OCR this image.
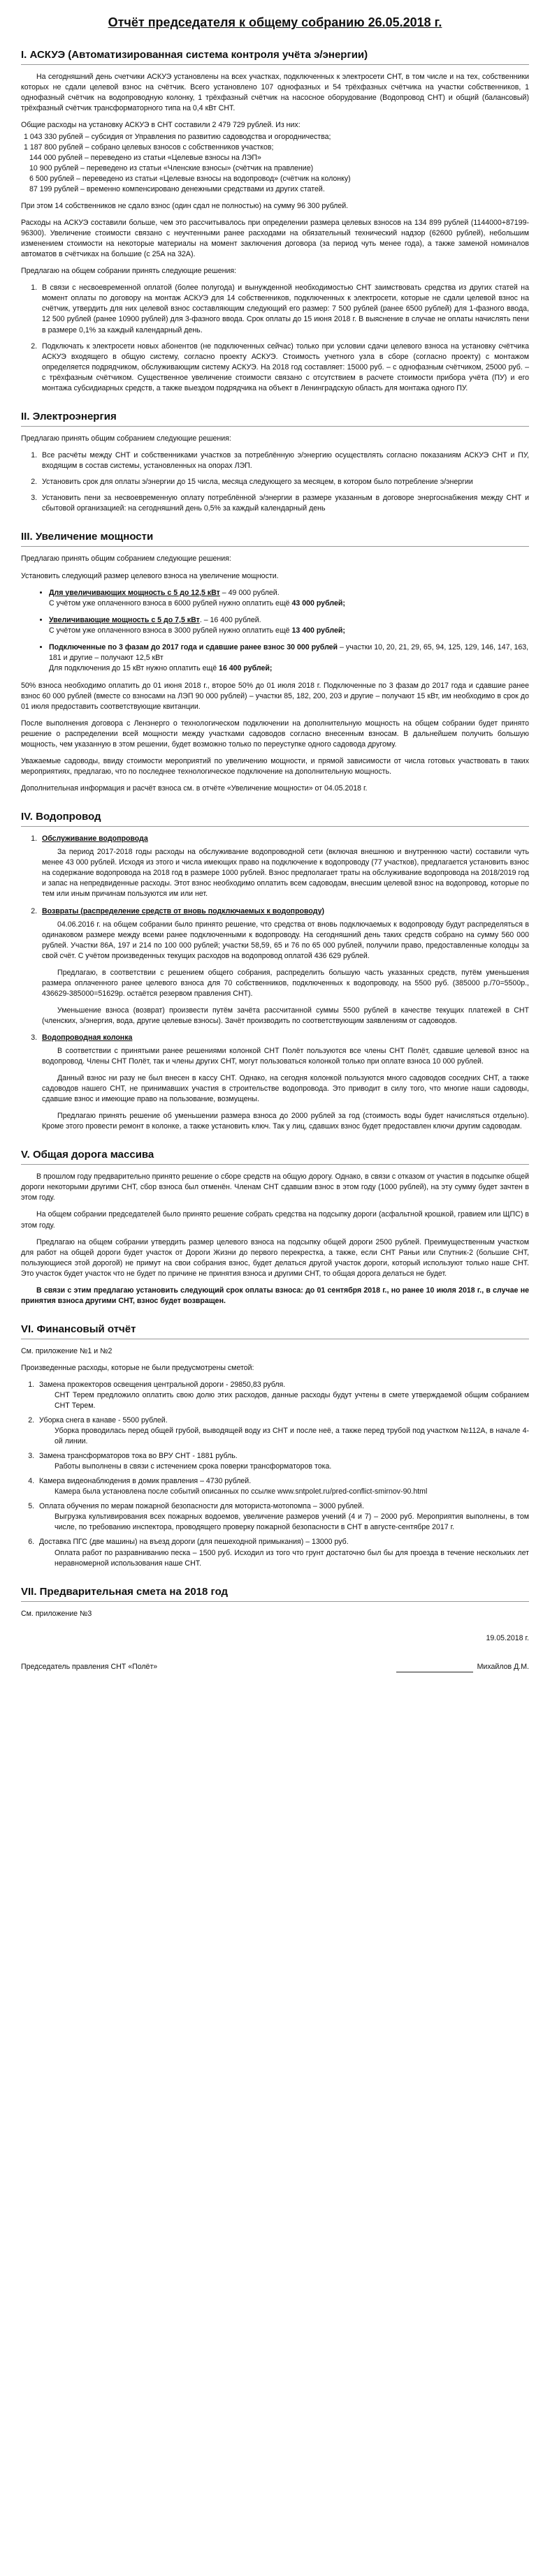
Отчёт председателя к общему собранию 26.05.2018 г.
I. АСКУЭ (Автоматизированная система контроля учёта э/энергии)

На сегодняшний день счетчики АСКУЭ установлены на всех участках, подключенных к электросети СНТ, в том числе и на тех, собственники которых не сдали целевой взнос на счётчик. Всего установлено 107 однофазных и 54 трёхфазных счётчика на участки собственников, 1 однофазный счётчик на водопроводную колонку, 1 трёхфазный счётчик на насосное оборудование (Водопровод СНТ) и общий (балансовый) трёхфазный счётчик трансформаторного типа на 0,4 кВт СНТ.

Общие расходы на установку АСКУЭ в СНТ составили 2 479 729 рублей. Из них:

1 043 330 рублей – субсидия от Управления по развитию садоводства и огородничества;
1 187 800 рублей – собрано целевых взносов с собственников участков;
144 000 рублей – переведено из статьи «Целевые взносы на ЛЭП»
10 900 рублей – переведено из статьи «Членские взносы» (счётчик на правление)
6 500 рублей – переведено из статьи «Целевые взносы на водопровод» (счётчик на колонку)
87 199 рублей – временно компенсировано денежными средствами из других статей.

При этом 14 собственников не сдало взнос (один сдал не полностью) на сумму 96 300 рублей.

Расходы на АСКУЭ составили больше, чем это рассчитывалось при определении размера целевых взносов на 134 899 рублей (1144000+87199-96300). Увеличение стоимости связано с неучтенными ранее расходами на обязательный технический надзор (62600 рублей), небольшим изменением стоимости на некоторые материалы на момент заключения договора (за период чуть менее года), а также заменой номиналов автоматов в счётчиках на большие (с 25А на 32А).

Предлагаю на общем собрании принять следующие решения:

1. В связи с несвоевременной оплатой (более полугода) и вынужденной необходимостью СНТ заимствовать средства из других статей на момент оплаты по договору на монтаж АСКУЭ для 14 собственников, подключенных к электросети, которые не сдали целевой взнос на счётчик, утвердить для них целевой взнос составляющим следующий его размер: 7 500 рублей (ранее 6500 рублей) для 1-фазного ввода, 12 500 рублей (ранее 10900 рублей) для 3-фазного ввода. Срок оплаты до 15 июня 2018 г. В выяснение в случае не оплаты начислять пени в размере 0,1% за каждый календарный день.
2. Подключать к электросети новых абонентов (не подключенных сейчас) только при условии сдачи целевого взноса на установку счётчика АСКУЭ входящего в общую систему, согласно проекту АСКУЭ. Стоимость учетного узла в сборе (согласно проекту) с монтажом определяется подрядчиком, обслуживающим систему АСКУЭ. На 2018 год составляет: 15000 руб. – с однофазным счётчиком, 25000 руб. – с трёхфазным счётчиком. Существенное увеличение стоимости связано с отсутствием в расчете стоимости прибора учёта (ПУ) и его монтажа субсидиарных средств, а также выездом подрядчика на объект в Ленинградскую область для монтажа одного ПУ.
II. Электроэнергия

Предлагаю принять общим собранием следующие решения:

1. Все расчёты между СНТ и собственниками участков за потреблённую э/энергию осуществлять согласно показаниям АСКУЭ СНТ и ПУ, входящим в состав системы, установленных на опорах ЛЭП.
2. Установить срок для оплаты э/энергии до 15 числа, месяца следующего за месяцем, в котором было потребление э/энергии
3. Установить пени за несвоевременную оплату потреблённой э/энергии в размере указанным в договоре энергоснабжения между СНТ и сбытовой организацией: на сегодняшний день 0,5% за каждый календарный день
III. Увеличение мощности

Предлагаю принять общим собранием следующие решения:

Установить следующий размер целевого взноса на увеличение мощности.

• Для увеличивающих мощность с 5 до 12,5 кВт – 49 000 рублей.
С учётом уже оплаченного взноса в 6000 рублей нужно оплатить ещё 43 000 рублей;
• Увеличивающие мощность с 5 до 7,5 кВт. – 16 400 рублей.
С учётом уже оплаченного взноса в 3000 рублей нужно оплатить ещё 13 400 рублей;
• Подключенные по 3 фазам до 2017 года и сдавшие ранее взнос 30 000 рублей – участки 10, 20, 21, 29, 65, 94, 125, 129, 146, 147, 163, 181 и другие – получают 12,5 кВт
Для подключения до 15 кВт нужно оплатить ещё 16 400 рублей;

50% взноса необходимо оплатить до 01 июня 2018 г., второе 50% до 01 июля 2018 г. Подключенные по 3 фазам до 2017 года и сдавшие ранее взнос 60 000 рублей (вместе со взносами на ЛЭП 90 000 рублей) – участки 85, 182, 200, 203 и другие – получают 15 кВт, им необходимо в срок до 01 июля предоставить соответствующие квитанции.

После выполнения договора с Ленэнерго о технологическом подключении на дополнительную мощность на общем собрании будет принято решение о распределении всей мощности между участками садоводов согласно внесенным взносам. В дальнейшем получить большую мощность, чем указанную в этом решении, будет возможно только по переуступке одного садовода другому.

Уважаемые садоводы, ввиду стоимости мероприятий по увеличению мощности, и прямой зависимости от числа готовых участвовать в таких мероприятиях, предлагаю, что по последнее технологическое подключение на дополнительную мощность.

Дополнительная информация и расчёт взноса см. в отчёте «Увеличение мощности» от 04.05.2018 г.

IV. Водопровод
1. Обслуживание водопровода

За период 2017-2018 годы расходы на обслуживание водопроводной сети (включая внешнюю и внутреннюю части) составили чуть менее 43 000 рублей. Исходя из этого и числа имеющих право на подключение к водопроводу (77 участков), предлагается установить взнос на содержание водопровода на 2018 год в размере 1000 рублей. Взнос предполагает траты на обслуживание водопровода на 2018/2019 год и запас на непредвиденные расходы. Этот взнос необходимо оплатить всем садоводам, внесшим целевой взнос на водопровод, которые по тем или иным причинам пользуются им или нет.

2. Возвраты (распределение средств от вновь подключаемых к водопроводу)

04.06.2016 г. на общем собрании было принято решение, что средства от вновь подключаемых к водопроводу будут распределяться в одинаковом размере между всеми ранее подключенными к водопроводу. На сегодняшний день таких средств собрано на сумму 560 000 рублей. Участки 86А, 197 и 214 по 100 000 рублей; участки 58,59, 65 и 76 по 65 000 рублей, получили право, предоставленные колодцы за свой счёт. С учётом произведенных текущих расходов на водопровод оплатой 436 629 рублей.

Предлагаю, в соответствии с решением общего собрания, распределить большую часть указанных средств, путём уменьшения размера оплаченного ранее целевого взноса для 70 собственников, подключенных к водопроводу, на 5500 руб. (385000 р./70=5500р., 436629-385000=51629р. остаётся резервом правления СНТ).

Уменьшение взноса (возврат) произвести путём зачёта рассчитанной суммы 5500 рублей в качестве текущих платежей в СНТ (членских, э/энергия, вода, другие целевые взносы). Зачёт производить по соответствующим заявлениям от садоводов.

3. Водопроводная колонка

В соответствии с принятыми ранее решениями колонкой СНТ Полёт пользуются все члены СНТ Полёт, сдавшие целевой взнос на водопровод. Члены СНТ Полёт, так и члены других СНТ, могут пользоваться колонкой только при оплате взноса 10 000 рублей.

Данный взнос ни разу не был внесен в кассу СНТ. Однако, на сегодня колонкой пользуются много садоводов соседних СНТ, а также садоводов нашего СНТ, не принимавших участия в строительстве водопровода. Это приводит в силу того, что многие наши садоводы, сдавшие взнос и имеющие право на пользование, возмущены.

Предлагаю принять решение об уменьшении размера взноса до 2000 рублей за год (стоимость воды будет начисляться отдельно). Кроме этого провести ремонт в колонке, а также установить ключ. Так у лиц, сдавших взнос будет предоставлен ключи другим садоводам.

V. Общая дорога массива

В прошлом году предварительно принято решение о сборе средств на общую дорогу. Однако, в связи с отказом от участия в подсыпке общей дороги некоторыми другими СНТ, сбор взноса был отменён. Членам СНТ сдавшим взнос в этом году (1000 рублей), на эту сумму будет зачтен в этом году.

На общем собрании председателей было принято решение собрать средства на подсыпку дороги (асфальтной крошкой, гравием или ЩПС) в этом году.

Предлагаю на общем собрании утвердить размер целевого взноса на подсыпку общей дороги 2500 рублей. Преимущественным участком для работ на общей дороги будет участок от Дороги Жизни до первого перекрестка, а также, если СНТ Раньи или Спутник-2 (большие СНТ, пользующиеся этой дорогой) не примут на свои собрания взнос, будет делаться другой участок дороги, который используют только наше СНТ. Это участок будет участок что не будет по причине не принятия взноса и другими СНТ, то общая дорога делаться не будет.

В связи с этим предлагаю установить следующий срок оплаты взноса: до 01 сентября 2018 г., но ранее 10 июля 2018 г., в случае не принятия взноса другими СНТ, взнос будет возвращен.

VI. Финансовый отчёт

См. приложение №1 и №2

Произведенные расходы, которые не были предусмотрены сметой:

1. Замена прожекторов освещения центральной дороги - 29850,83 рубля.
СНТ Терем предложило оплатить свою долю этих расходов, данные расходы будут учтены в смете утверждаемой общим собранием СНТ Терем.
2. Уборка снега в канаве - 5500 рублей.
Уборка проводилась перед общей грубой, выводящей воду из СНТ и после неё, а также перед трубой под участком №112А, в начале 4-ой линии.
3. Замена трансформаторов тока во ВРУ СНТ - 1881 рубль.
Работы выполнены в связи с истечением срока поверки трансформаторов тока.
4. Камера видеонаблюдения в домик правления – 4730 рублей.
Камера была установлена после событий описанных по ссылке www.sntpolet.ru/pred-conflict-smirnov-90.html
5. Оплата обучения по мерам пожарной безопасности для моториста-мотопомпа – 3000 рублей.
Выгрузка культивирования всех пожарных водоемов, увеличение размеров учений (4 и 7) – 2000 руб. Мероприятия выполнены, в том числе, по требованию инспектора, проводящего проверку пожарной безопасности в СНТ в августе-сентябре 2017 г.
6. Доставка ПГС (две машины) на въезд дороги (для пешеходной примыкания) – 13000 руб.
Оплата работ по разравниванию песка – 1500 руб. Исходил из того что грунт достаточно был бы для проезда в течение нескольких лет неравномерной использования наше СНТ.
VII. Предварительная смета на 2018 год

См. приложение №3

19.05.2018 г.
Председатель правления СНТ «Полёт»	Михайлов Д.М.
